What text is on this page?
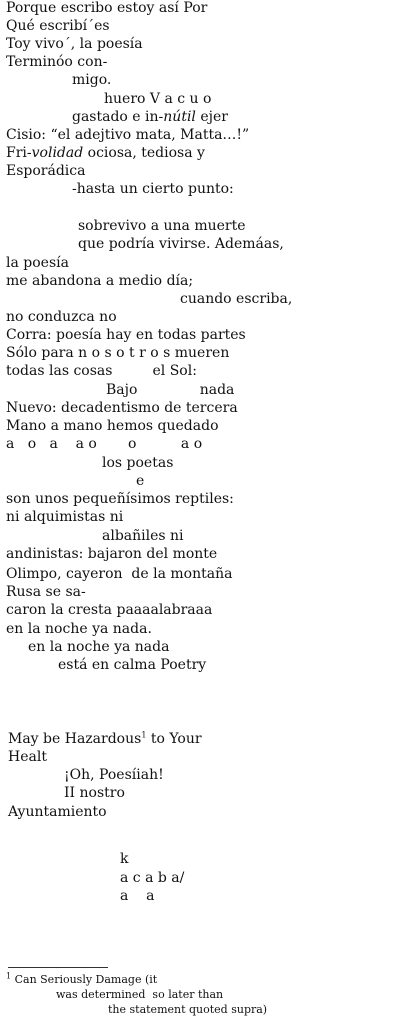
Porque escribo estoy así Por
Qué escribí´es
Toy vivo´, la poesía
Terminóo con-
migo.
huero V a c u o
gastado e in-nútil ejer
Cisio: “el adejtivo mata, Matta…!”
Fri-volidad ociosa, tediosa y
Esporádica
-hasta un cierto punto:
sobrevivo a una muerte
que podría vivirse. Ademáas,
la poesía
me abandona a medio día;
cuando escriba,
no conduzca no
Corra: poesía hay en todas partes
Sólo para n o s o t r o s mueren
todas las cosas         el Sol:
Bajo              nada
Nuevo: decadentismo de tercera
Mano a mano hemos quedado
a   o   a    a o       o          a o
los poetas
e
son unos pequeñísimos reptiles:
ni alquimistas ni
albañiles ni
andinistas: bajaron del monte
Olimpo, cayeron  de la montaña
Rusa se sa-
caron la cresta paaaalabraaa
en la noche ya nada.
en la noche ya nada
está en calma Poetry
May be Hazardous$^1$ to Your
Healt
¡Oh, Poesíiah!
II nostro
Ayuntamiento
k
a c a b a/
a    a
$^1$ Can Seriously Damage (it
was determined  so later than
the statement quoted supra)
